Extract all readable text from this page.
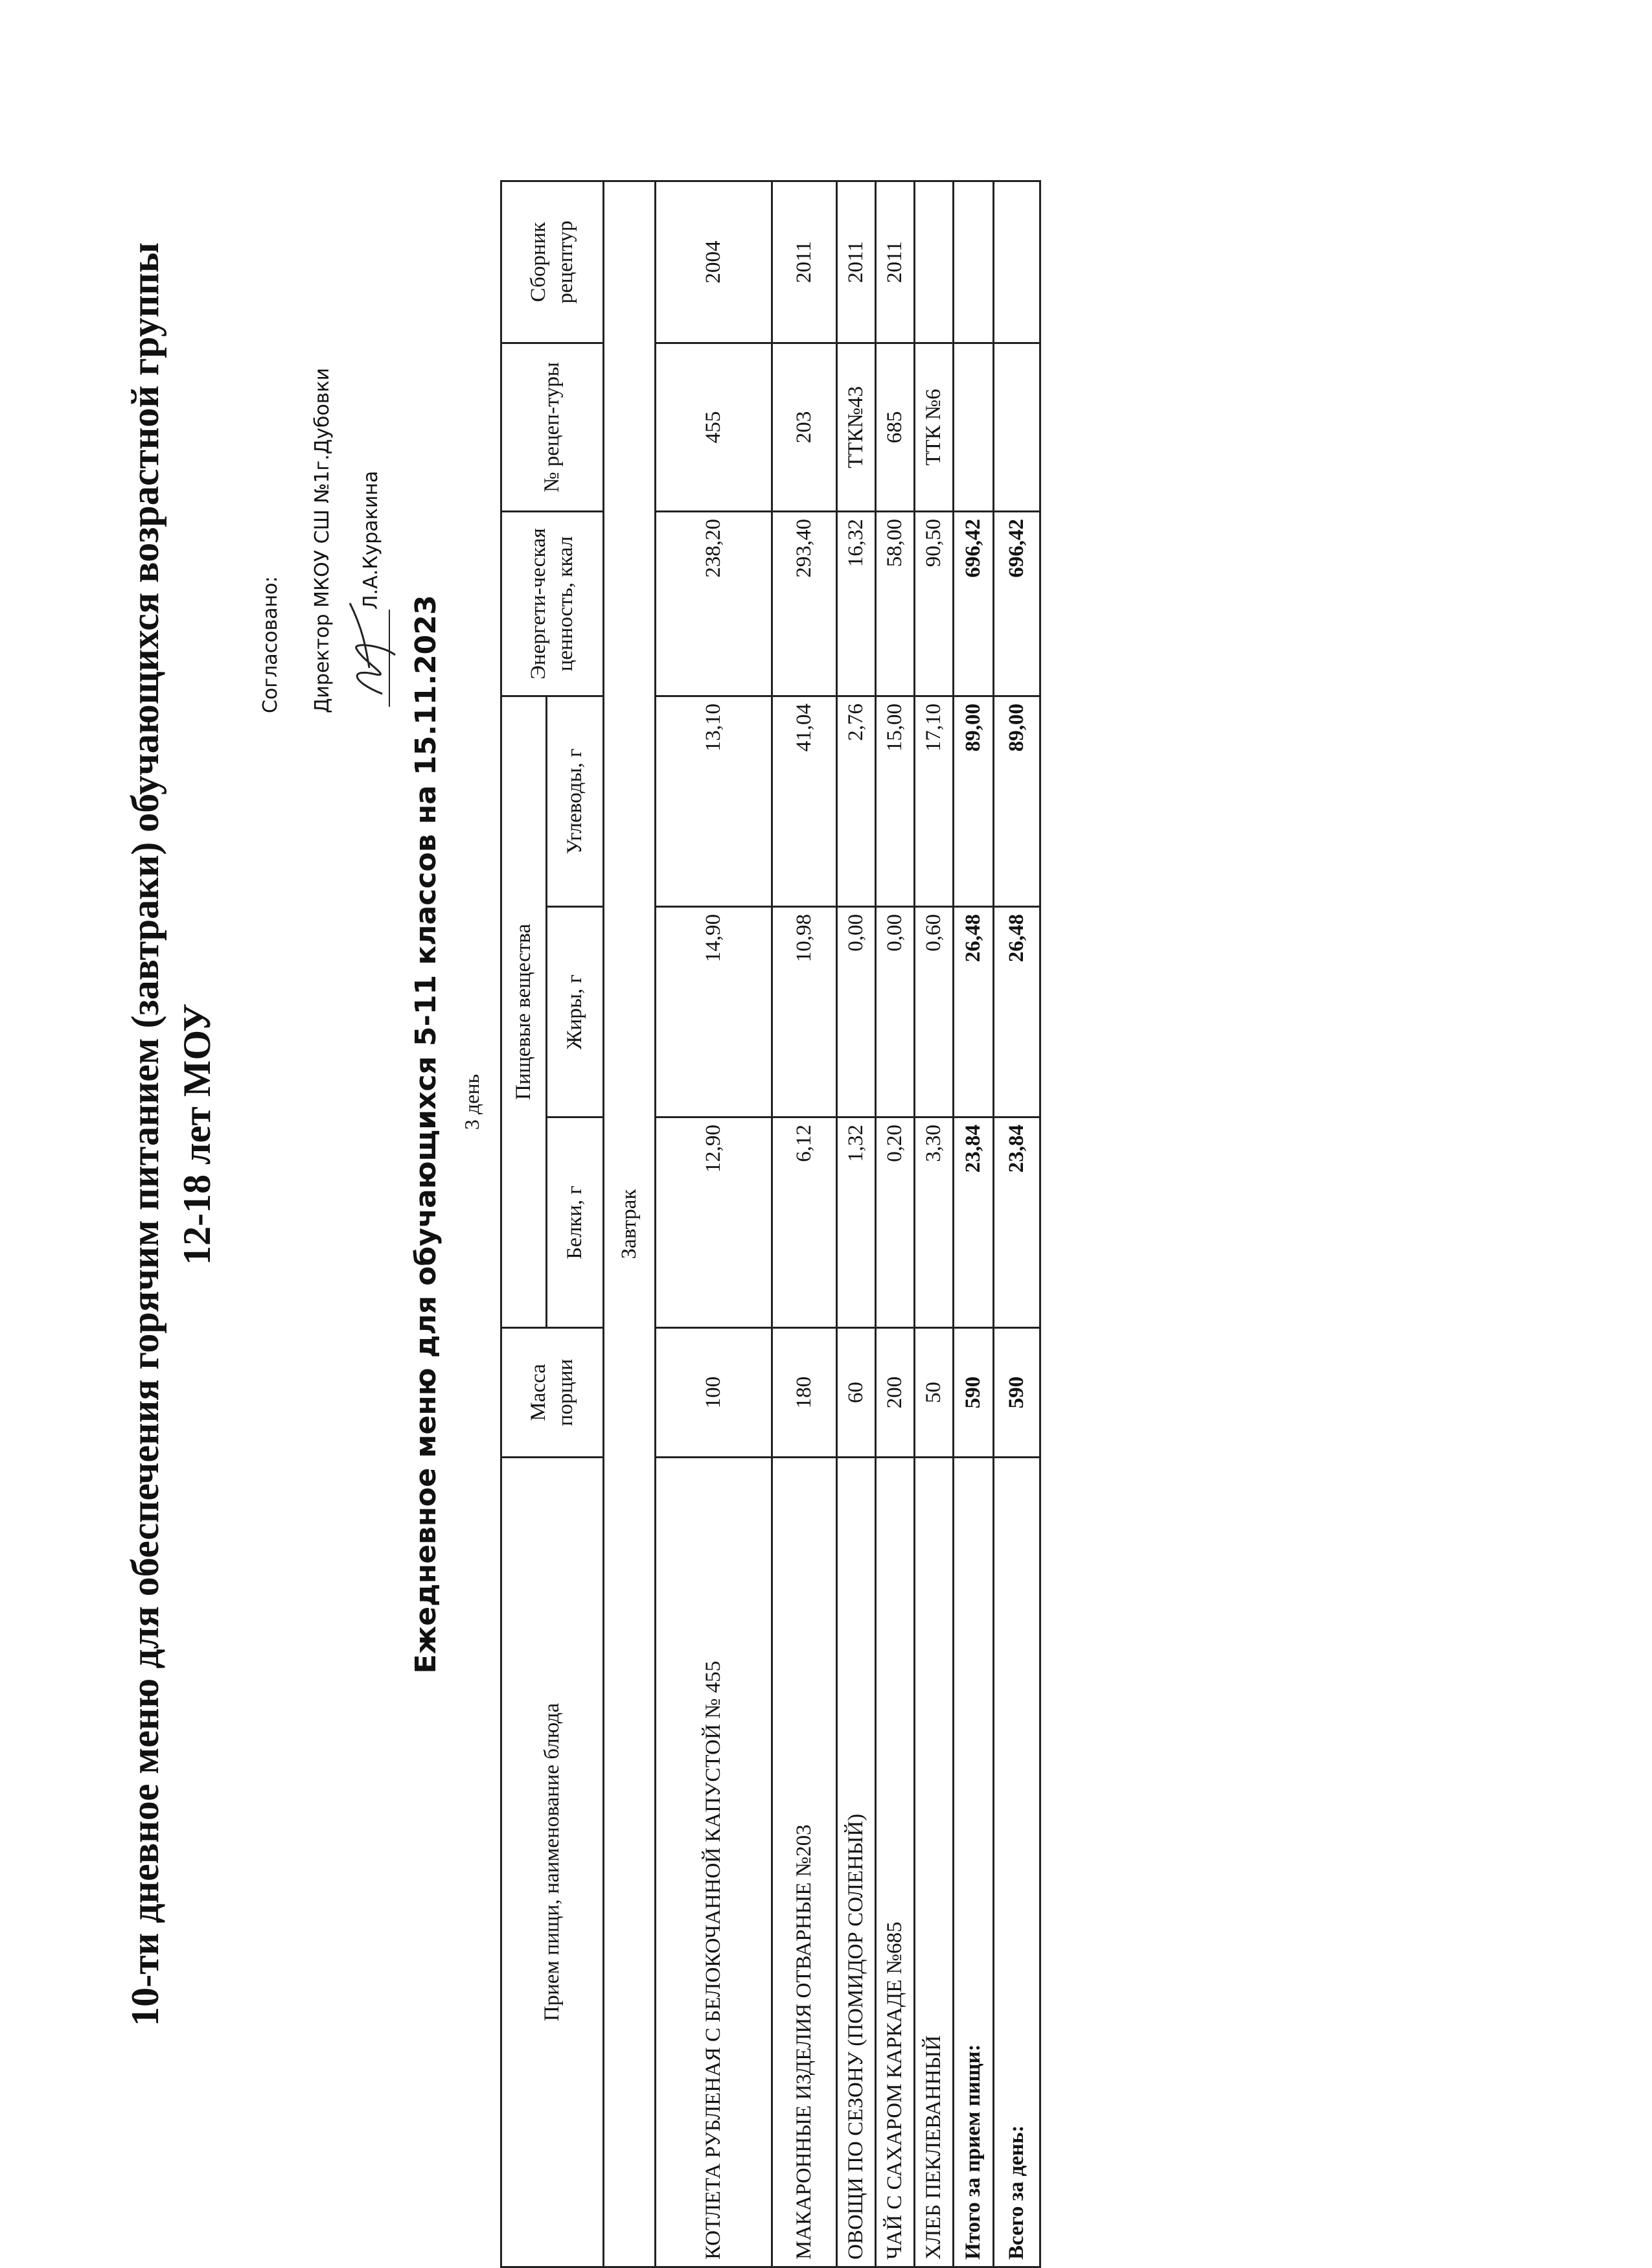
10-ти дневное меню для обеспечения горячим питанием (завтраки) обучающихся возрастной группы 12-18 лет МОУ
Согласовано: Директор МКОУ СШ №1г.Дубовки Л.А.Куракина
Ежедневное меню для обучающихся 5-11 классов на 15.11.2023 3 день
Прием пищи, наименование блюда	Масса порции	Пищевые вещества			Энергети-ческая ценность, ккал	№ рецеп-туры	Сборник рецептур
		Белки, г	Жиры, г	Углеводы, г			
Завтрак							
КОТЛЕТА РУБЛЕНАЯ С БЕЛОКОЧАННОЙ КАПУСТОЙ № 455	100	12,90	14,90	13,10	238,20	455	2004
МАКАРОННЫЕ ИЗДЕЛИЯ ОТВАРНЫЕ №203	180	6,12	10,98	41,04	293,40	203	2011
ОВОЩИ ПО СЕЗОНУ (ПОМИДОР СОЛЕНЫЙ)	60	1,32	0,00	2,76	16,32	ТТК№43	2011
ЧАЙ С САХАРОМ КАРКАДЕ №685	200	0,20	0,00	15,00	58,00	685	2011
ХЛЕБ ПЕКЛЕВАННЫЙ	50	3,30	0,60	17,10	90,50	ТТК №6	
Итого за прием пищи:	590	23,84	26,48	89,00	696,42		
Всего за день:	590	23,84	26,48	89,00	696,42		
